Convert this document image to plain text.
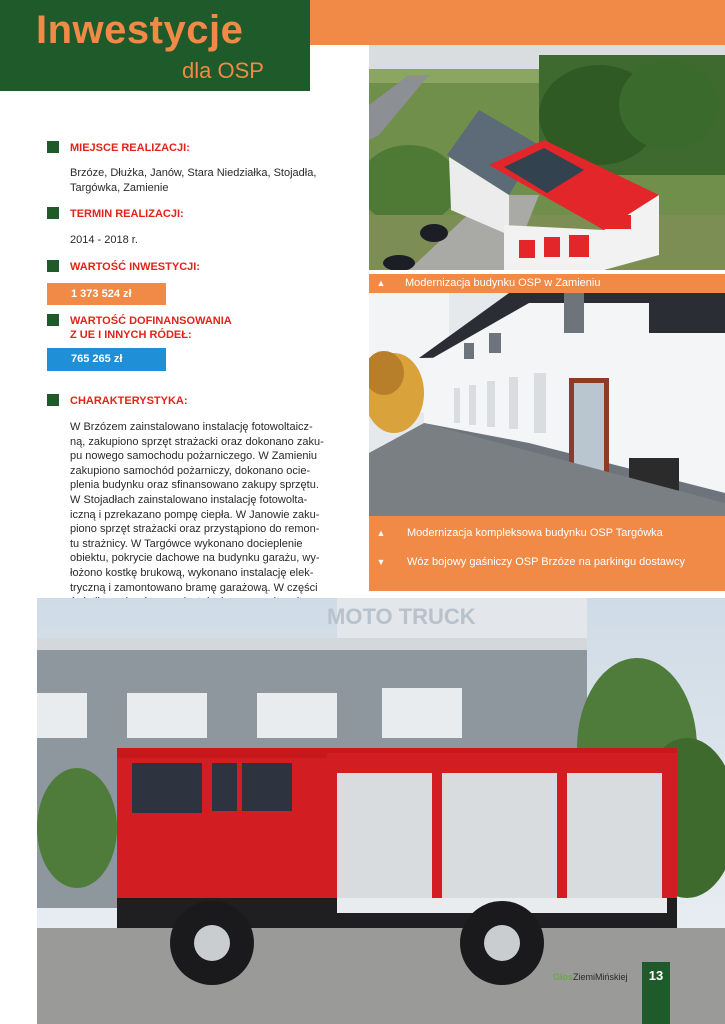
Inwestycje
dla OSP
MIEJSCE REALIZACJI:
Brzóze, Dłużka, Janów, Stara Niedziałka, Stojadła,
Targówka, Zamienie
TERMIN REALIZACJI:
2014 - 2018 r.
WARTOŚĆ INWESTYCJI:
1 373 524 zł
WARTOŚĆ DOFINANSOWANIA
Z UE I INNYCH RÓDEŁ:
765 265 zł
CHARAKTERYSTYKA:
W Brzózem zainstalowano instalację fotowoltaicz-
ną, zakupiono sprzęt strażacki oraz dokonano zaku-
pu nowego samochodu pożarniczego. W Zamieniu
zakupiono samochód pożarniczy, dokonano ocie-
plenia budynku oraz sfinansowano zakupy sprzętu.
W Stojadłach zainstalowano instalację fotowolta-
iczną i pzrekazano pompę ciepła. W Janowie zaku-
piono sprzęt strażacki oraz przystąpiono do remon-
tu strażnicy. W Targówce wykonano docieplenie
obiektu, pokrycie dachowe na budynku garażu, wy-
łożono kostkę brukową, wykonano instalację elek-
tryczną i zamontowano bramę garażową. W części
▲	Modernizacja budynku OSP w Zamieniu
▲	Modernizacja kompleksowa budynku OSP Targówka
▼	Wóz bojowy gaśniczy OSP Brzóze na parkingu dostawcy
MOTO TRUCK
GłosZiemiMińskiej	13
